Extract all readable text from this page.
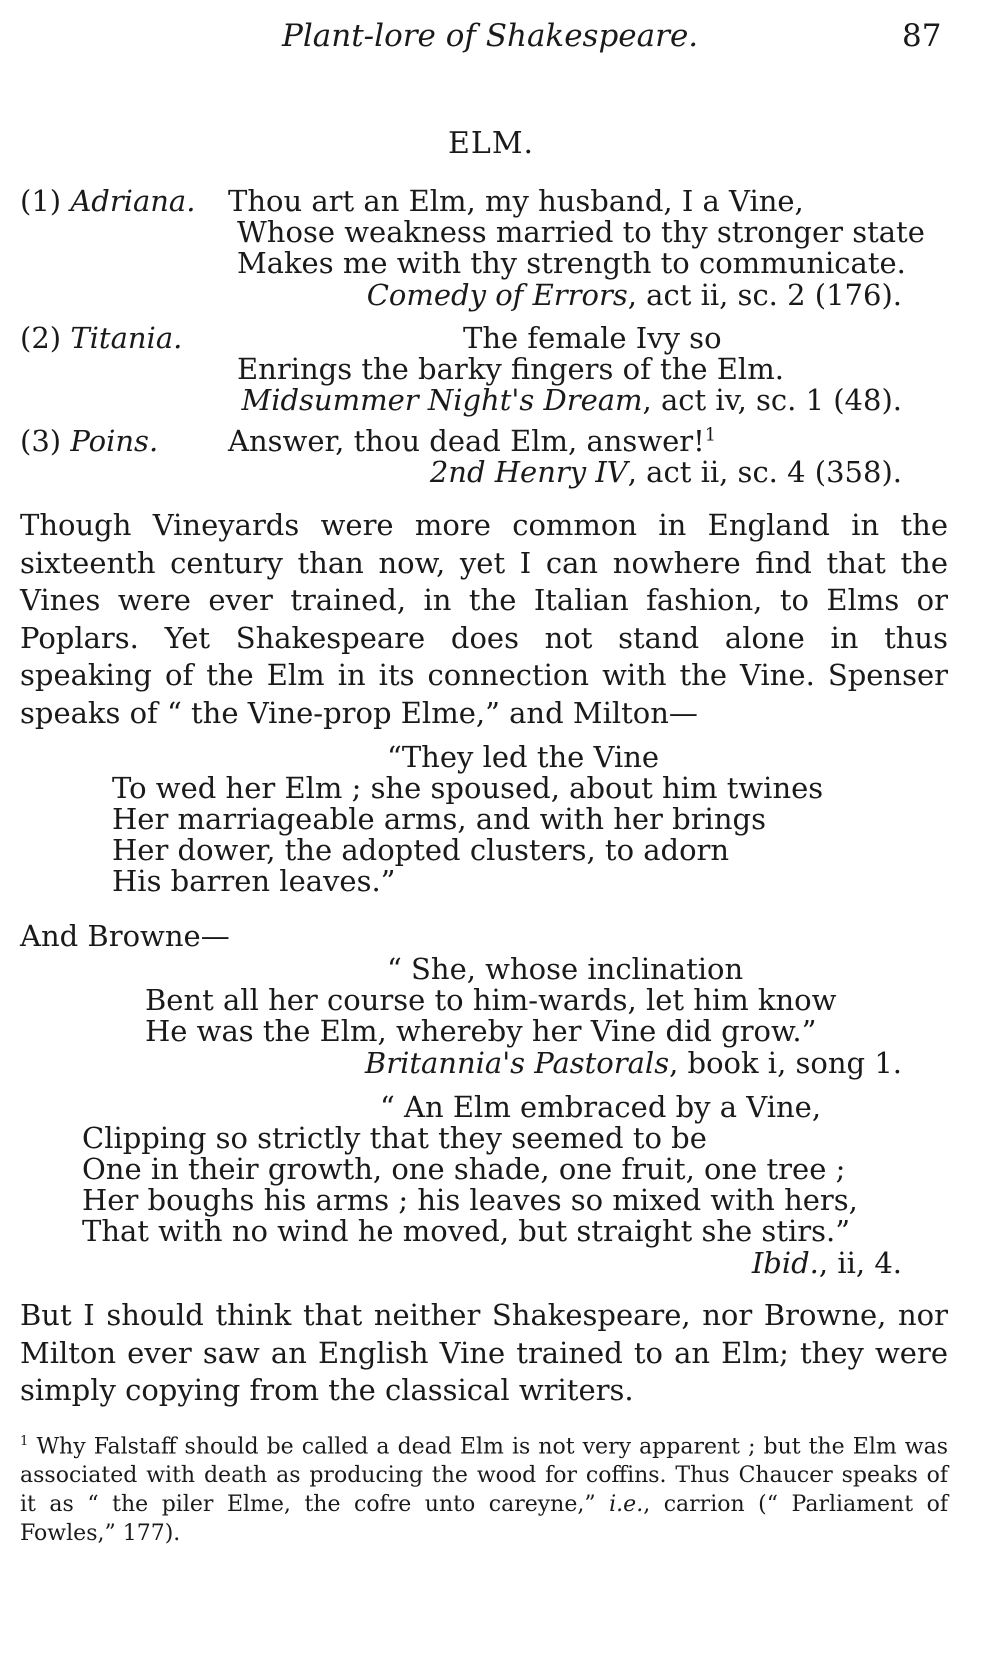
Plant-lore of Shakespeare.	87
ELM.
(1) Adriana. Thou art an Elm, my husband, I a Vine,
Whose weakness married to thy stronger state
Makes me with thy strength to communicate.
Comedy of Errors, act ii, sc. 2 (176).
(2) Titania.	The female Ivy so
Enrings the barky fingers of the Elm.
Midsummer Night's Dream, act iv, sc. 1 (48).
(3) Poins. Answer, thou dead Elm, answer!$^1$
2nd Henry IV, act ii, sc. 4 (358).
Though Vineyards were more common in England in the sixteenth century than now, yet I can nowhere find that the Vines were ever trained, in the Italian fashion, to Elms or Poplars. Yet Shakespeare does not stand alone in thus speaking of the Elm in its connection with the Vine. Spenser speaks of “ the Vine-prop Elme,” and Milton—
“They led the Vine
To wed her Elm ; she spoused, about him twines
Her marriageable arms, and with her brings
Her dower, the adopted clusters, to adorn
His barren leaves.”
And Browne—
“ She, whose inclination
Bent all her course to him-wards, let him know
He was the Elm, whereby her Vine did grow.”
Britannia's Pastorals, book i, song 1.
“ An Elm embraced by a Vine,
Clipping so strictly that they seemed to be
One in their growth, one shade, one fruit, one tree ;
Her boughs his arms ; his leaves so mixed with hers,
That with no wind he moved, but straight she stirs.”
Ibid., ii, 4.
But I should think that neither Shakespeare, nor Browne, nor Milton ever saw an English Vine trained to an Elm; they were simply copying from the classical writers.
$^1$ Why Falstaff should be called a dead Elm is not very apparent ; but the Elm was associated with death as producing the wood for coffins. Thus Chaucer speaks of it as “ the piler Elme, the cofre unto careyne,” i.e., carrion (“ Parliament of Fowles,” 177).
